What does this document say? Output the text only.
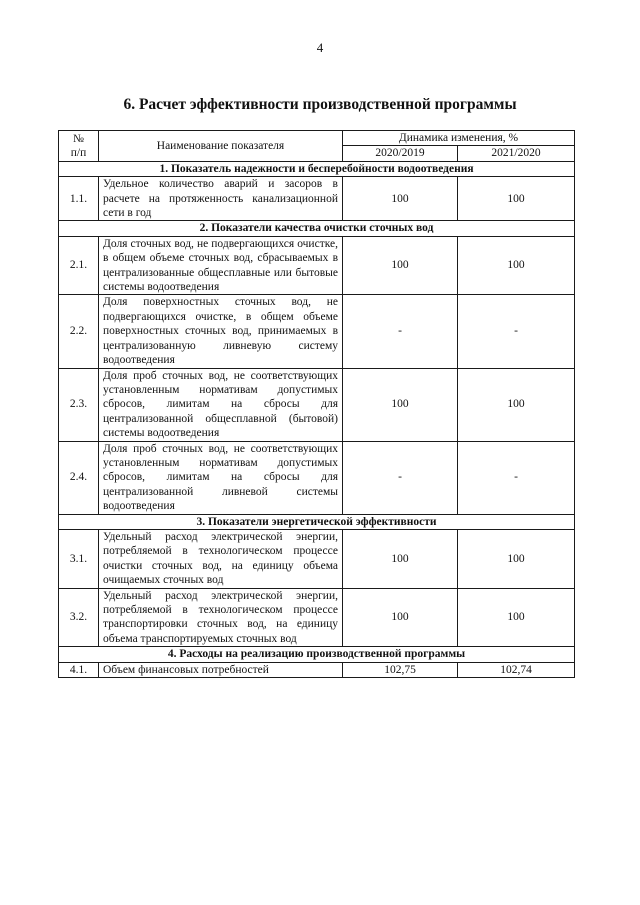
4
6. Расчет эффективности производственной программы
№
п/п	Наименование показателя	Динамика изменения, %	
		2020/2019	2021/2020
1. Показатель надежности и бесперебойности водоотведения			
1.1.	Удельное количество аварий и засоров в расчете на протяженность канализационной сети в год	100	100
2. Показатели качества очистки сточных вод			
2.1.	Доля сточных вод, не подвергающихся очистке, в общем объеме сточных вод, сбрасываемых в централизованные общесплавные или бытовые системы водоотведения	100	100
2.2.	Доля поверхностных сточных вод, не подвергающихся очистке, в общем объеме поверхностных сточных вод, принимаемых в централизованную ливневую систему водоотведения	-	-
2.3.	Доля проб сточных вод, не соответствующих установленным нормативам допустимых сбросов, лимитам на сбросы для централизованной общесплавной (бытовой) системы водоотведения	100	100
2.4.	Доля проб сточных вод, не соответствующих установленным нормативам допустимых сбросов, лимитам на сбросы для централизованной ливневой системы водоотведения	-	-
3. Показатели энергетической эффективности			
3.1.	Удельный расход электрической энергии, потребляемой в технологическом процессе очистки сточных вод, на единицу объема очищаемых сточных вод	100	100
3.2.	Удельный расход электрической энергии, потребляемой в технологическом процессе транспортировки сточных вод, на единицу объема транспортируемых сточных вод	100	100
4. Расходы на реализацию производственной программы			
4.1.	Объем финансовых потребностей	102,75	102,74
